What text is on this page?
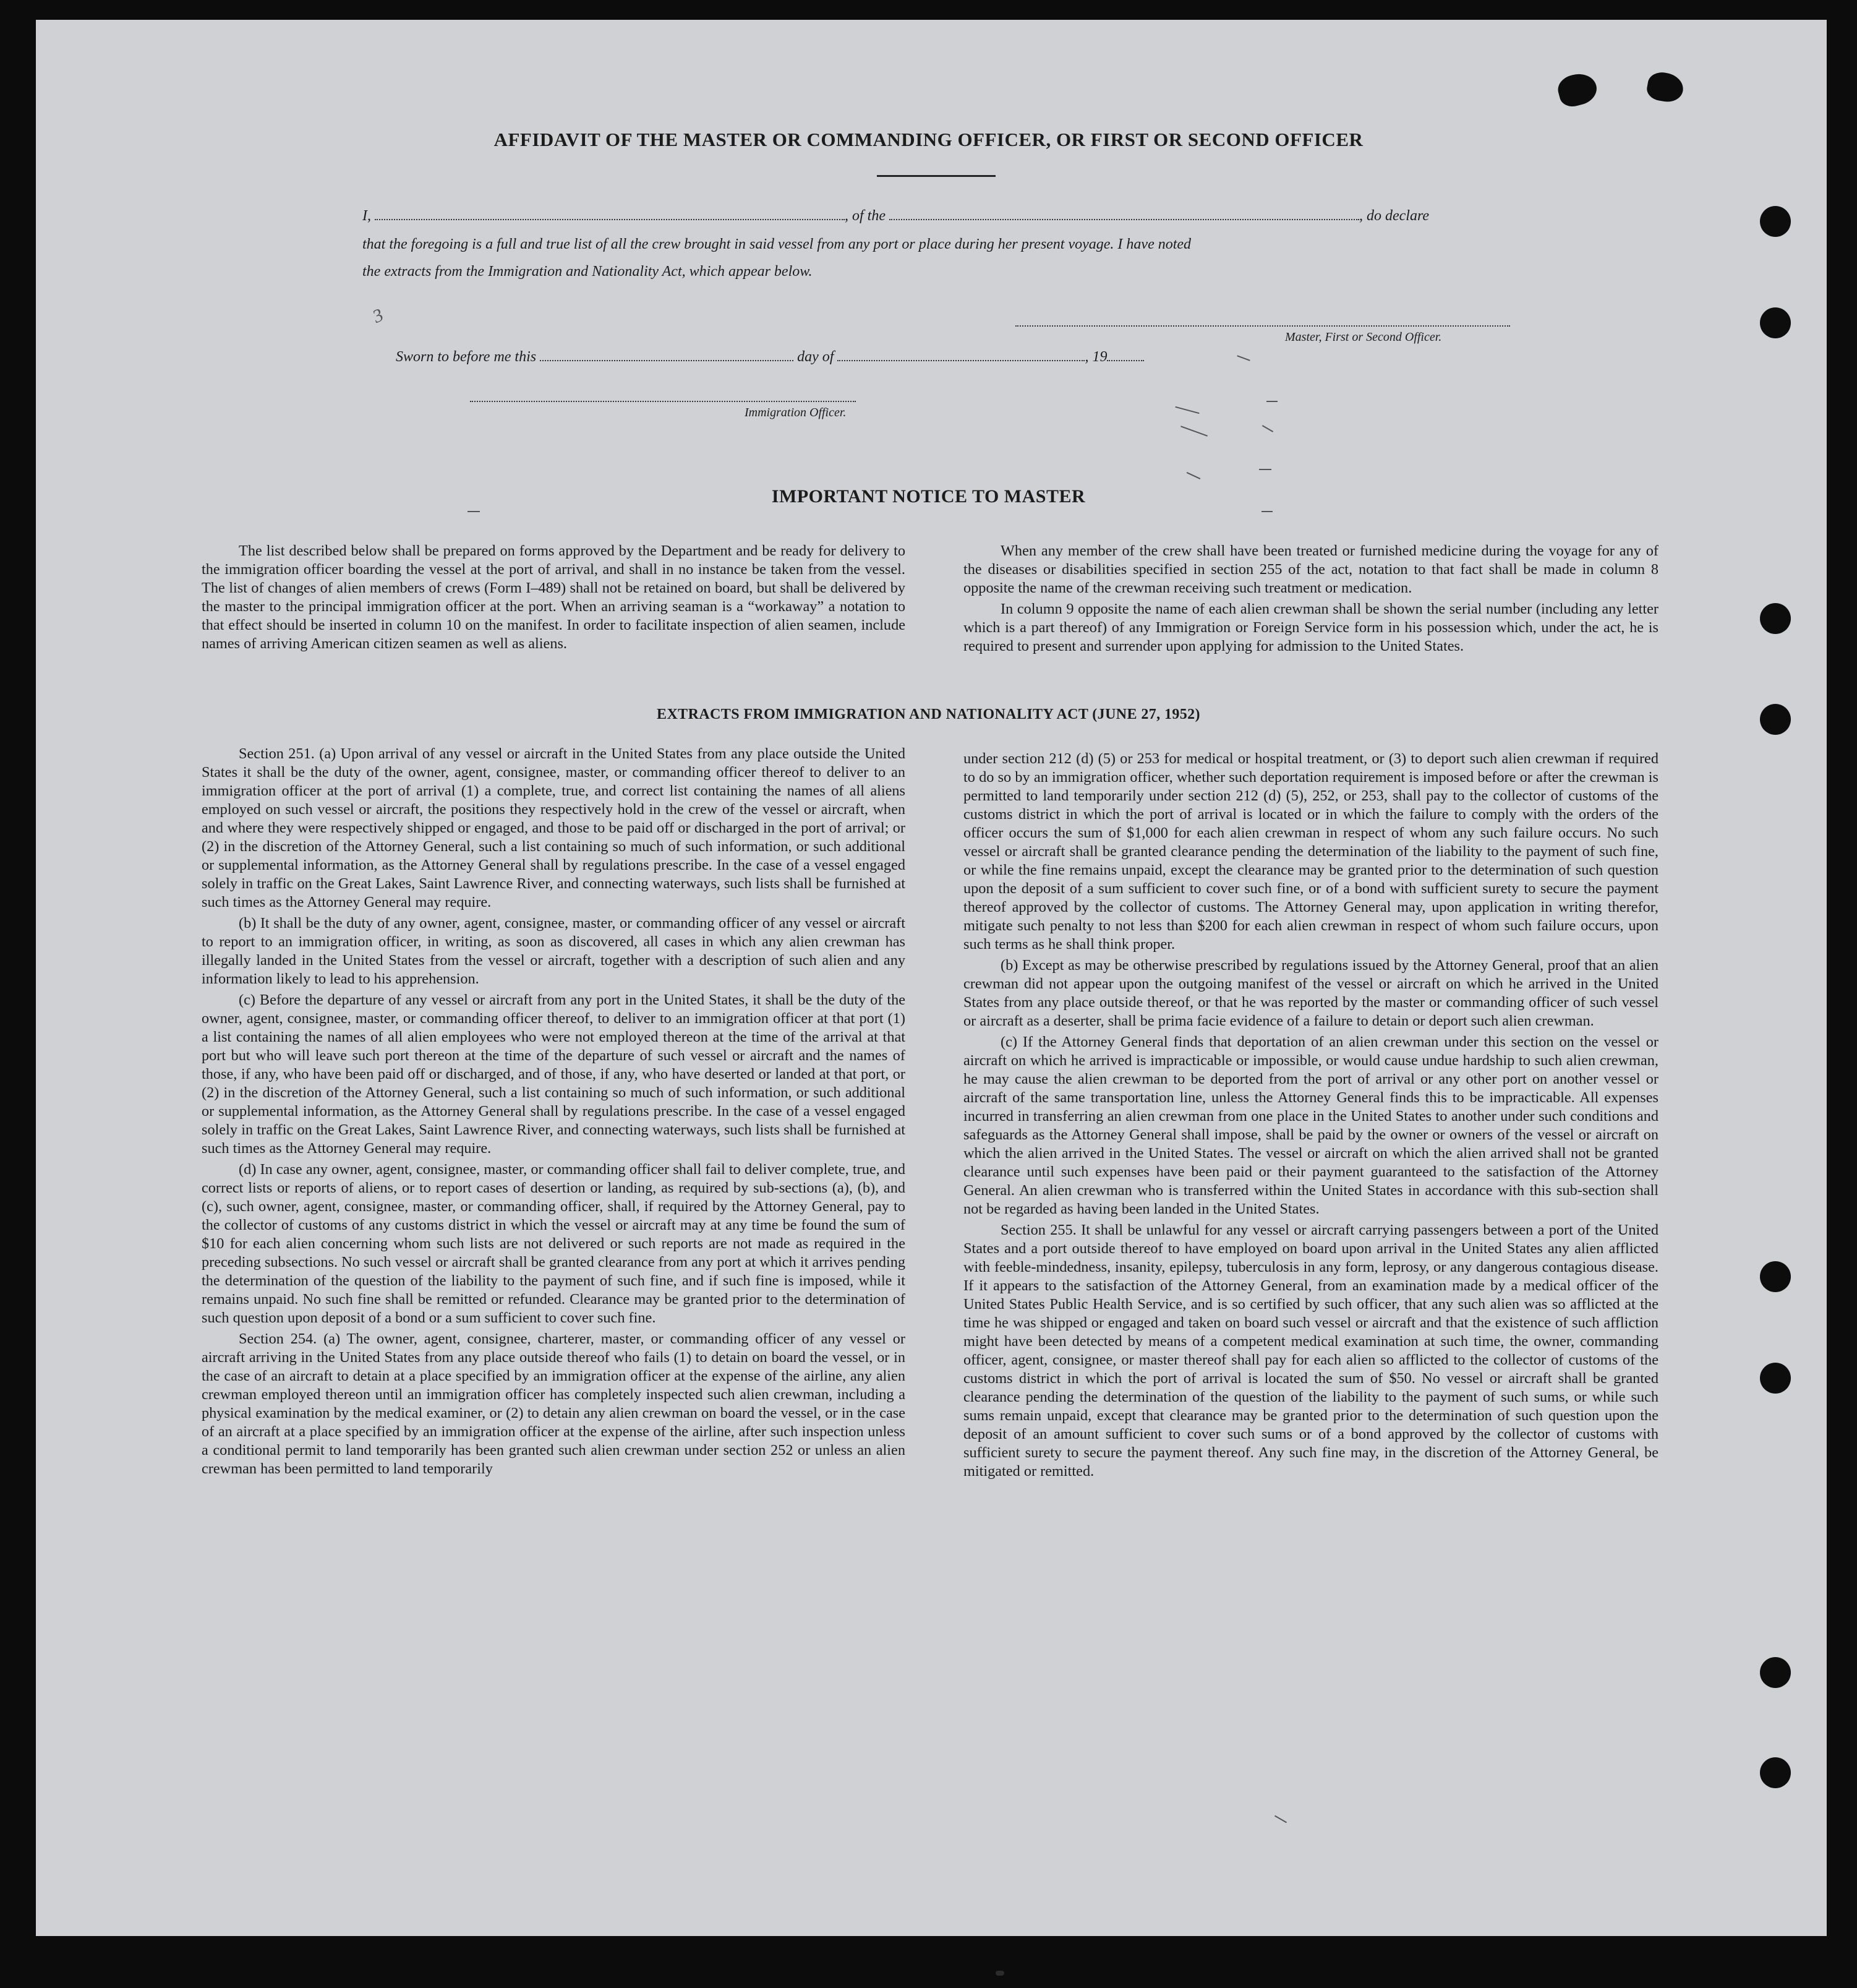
AFFIDAVIT OF THE MASTER OR COMMANDING OFFICER, OR FIRST OR SECOND OFFICER
I,	, of the	, do declare
that the foregoing is a full and true list of all the crew brought in said vessel from any port or place during her present voyage. I have noted
the extracts from the Immigration and Nationality Act, which appear below.
3
Master, First or Second Officer.
Sworn to before me this	day of	, 19
Immigration Officer.
IMPORTANT NOTICE TO MASTER

The list described below shall be prepared on forms approved by the Department and be ready for delivery to the immigration officer boarding the vessel at the port of arrival, and shall in no instance be taken from the vessel. The list of changes of alien members of crews (Form I–489) shall not be retained on board, but shall be delivered by the master to the principal immigration officer at the port. When an arriving seaman is a “workaway” a notation to that effect should be inserted in column 10 on the manifest. In order to facilitate inspection of alien seamen, include names of arriving American citizen seamen as well as aliens.

When any member of the crew shall have been treated or furnished medicine during the voyage for any of the diseases or disabilities specified in section 255 of the act, notation to that fact shall be made in column 8 opposite the name of the crewman receiving such treatment or medication.

In column 9 opposite the name of each alien crewman shall be shown the serial number (including any letter which is a part thereof) of any Immigration or Foreign Service form in his possession which, under the act, he is required to present and surrender upon applying for admission to the United States.

EXTRACTS FROM IMMIGRATION AND NATIONALITY ACT (JUNE 27, 1952)

Section 251. (a) Upon arrival of any vessel or aircraft in the United States from any place outside the United States it shall be the duty of the owner, agent, consignee, master, or commanding officer thereof to deliver to an immigration officer at the port of arrival (1) a complete, true, and correct list containing the names of all aliens employed on such vessel or aircraft, the positions they respectively hold in the crew of the vessel or aircraft, when and where they were respectively shipped or engaged, and those to be paid off or discharged in the port of arrival; or (2) in the discretion of the Attorney General, such a list containing so much of such information, or such additional or supplemental information, as the Attorney General shall by regulations prescribe. In the case of a vessel engaged solely in traffic on the Great Lakes, Saint Lawrence River, and connecting waterways, such lists shall be furnished at such times as the Attorney General may require.

(b) It shall be the duty of any owner, agent, consignee, master, or commanding officer of any vessel or aircraft to report to an immigration officer, in writing, as soon as discovered, all cases in which any alien crewman has illegally landed in the United States from the vessel or aircraft, together with a description of such alien and any information likely to lead to his apprehension.

(c) Before the departure of any vessel or aircraft from any port in the United States, it shall be the duty of the owner, agent, consignee, master, or commanding officer thereof, to deliver to an immigration officer at that port (1) a list containing the names of all alien employees who were not employed thereon at the time of the arrival at that port but who will leave such port thereon at the time of the departure of such vessel or aircraft and the names of those, if any, who have been paid off or discharged, and of those, if any, who have deserted or landed at that port, or (2) in the discretion of the Attorney General, such a list containing so much of such information, or such additional or supplemental information, as the Attorney General shall by regulations prescribe. In the case of a vessel engaged solely in traffic on the Great Lakes, Saint Lawrence River, and connecting waterways, such lists shall be furnished at such times as the Attorney General may require.

(d) In case any owner, agent, consignee, master, or commanding officer shall fail to deliver complete, true, and correct lists or reports of aliens, or to report cases of desertion or landing, as required by sub-sections (a), (b), and (c), such owner, agent, consignee, master, or commanding officer, shall, if required by the Attorney General, pay to the collector of customs of any customs district in which the vessel or aircraft may at any time be found the sum of $10 for each alien concerning whom such lists are not delivered or such reports are not made as required in the preceding subsections. No such vessel or aircraft shall be granted clearance from any port at which it arrives pending the determination of the question of the liability to the payment of such fine, and if such fine is imposed, while it remains unpaid. No such fine shall be remitted or refunded. Clearance may be granted prior to the determination of such question upon deposit of a bond or a sum sufficient to cover such fine.

Section 254. (a) The owner, agent, consignee, charterer, master, or commanding officer of any vessel or aircraft arriving in the United States from any place outside thereof who fails (1) to detain on board the vessel, or in the case of an aircraft to detain at a place specified by an immigration officer at the expense of the airline, any alien crewman employed thereon until an immigration officer has completely inspected such alien crewman, including a physical examination by the medical examiner, or (2) to detain any alien crewman on board the vessel, or in the case of an aircraft at a place specified by an immigration officer at the expense of the airline, after such inspection unless a conditional permit to land temporarily has been granted such alien crewman under section 252 or unless an alien crewman has been permitted to land temporarily

under section 212 (d) (5) or 253 for medical or hospital treatment, or (3) to deport such alien crewman if required to do so by an immigration officer, whether such deportation requirement is imposed before or after the crewman is permitted to land temporarily under section 212 (d) (5), 252, or 253, shall pay to the collector of customs of the customs district in which the port of arrival is located or in which the failure to comply with the orders of the officer occurs the sum of $1,000 for each alien crewman in respect of whom any such failure occurs. No such vessel or aircraft shall be granted clearance pending the determination of the liability to the payment of such fine, or while the fine remains unpaid, except the clearance may be granted prior to the determination of such question upon the deposit of a sum sufficient to cover such fine, or of a bond with sufficient surety to secure the payment thereof approved by the collector of customs. The Attorney General may, upon application in writing therefor, mitigate such penalty to not less than $200 for each alien crewman in respect of whom such failure occurs, upon such terms as he shall think proper.

(b) Except as may be otherwise prescribed by regulations issued by the Attorney General, proof that an alien crewman did not appear upon the outgoing manifest of the vessel or aircraft on which he arrived in the United States from any place outside thereof, or that he was reported by the master or commanding officer of such vessel or aircraft as a deserter, shall be prima facie evidence of a failure to detain or deport such alien crewman.

(c) If the Attorney General finds that deportation of an alien crewman under this section on the vessel or aircraft on which he arrived is impracticable or impossible, or would cause undue hardship to such alien crewman, he may cause the alien crewman to be deported from the port of arrival or any other port on another vessel or aircraft of the same transportation line, unless the Attorney General finds this to be impracticable. All expenses incurred in transferring an alien crewman from one place in the United States to another under such conditions and safeguards as the Attorney General shall impose, shall be paid by the owner or owners of the vessel or aircraft on which the alien arrived in the United States. The vessel or aircraft on which the alien arrived shall not be granted clearance until such expenses have been paid or their payment guaranteed to the satisfaction of the Attorney General. An alien crewman who is transferred within the United States in accordance with this sub-section shall not be regarded as having been landed in the United States.

Section 255. It shall be unlawful for any vessel or aircraft carrying passengers between a port of the United States and a port outside thereof to have employed on board upon arrival in the United States any alien afflicted with feeble-mindedness, insanity, epilepsy, tuberculosis in any form, leprosy, or any dangerous contagious disease. If it appears to the satisfaction of the Attorney General, from an examination made by a medical officer of the United States Public Health Service, and is so certified by such officer, that any such alien was so afflicted at the time he was shipped or engaged and taken on board such vessel or aircraft and that the existence of such affliction might have been detected by means of a competent medical examination at such time, the owner, commanding officer, agent, consignee, or master thereof shall pay for each alien so afflicted to the collector of customs of the customs district in which the port of arrival is located the sum of $50. No vessel or aircraft shall be granted clearance pending the determination of the question of the liability to the payment of such sums, or while such sums remain unpaid, except that clearance may be granted prior to the determination of such question upon the deposit of an amount sufficient to cover such sums or of a bond approved by the collector of customs with sufficient surety to secure the payment thereof. Any such fine may, in the discretion of the Attorney General, be mitigated or remitted.
